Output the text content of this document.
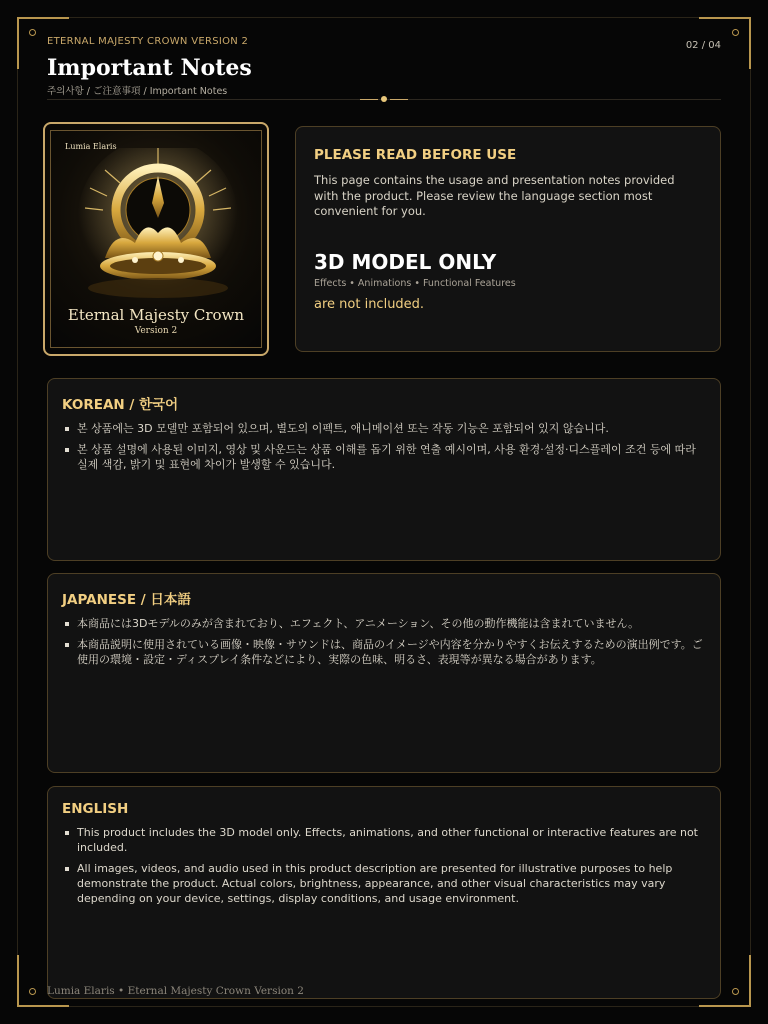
ETERNAL MAJESTY CROWN VERSION 2	02 / 04
Important Notes
주의사항 / ご注意事項 / Important Notes
Lumia Elaris
Eternal Majesty Crown
Version 2
PLEASE READ BEFORE USE
This page contains the usage and presentation notes provided with the product. Please review the language section most convenient for you.
3D MODEL ONLY
Effects • Animations • Functional Features
are not included.
KOREAN / 한국어
본 상품에는 3D 모델만 포함되어 있으며, 별도의 이펙트, 애니메이션 또는 작동 기능은 포함되어 있지 않습니다.
본 상품 설명에 사용된 이미지, 영상 및 사운드는 상품 이해를 돕기 위한 연출 예시이며, 사용 환경·설정·디스플레이 조건 등에 따라 실제 색감, 밝기 및 표현에 차이가 발생할 수 있습니다.
JAPANESE / 日本語
本商品には3Dモデルのみが含まれており、エフェクト、アニメーション、その他の動作機能は含まれていません。
本商品説明に使用されている画像・映像・サウンドは、商品のイメージや内容を分かりやすくお伝えするための演出例です。ご使用の環境・設定・ディスプレイ条件などにより、実際の色味、明るさ、表現等が異なる場合があります。
ENGLISH
This product includes the 3D model only. Effects, animations, and other functional or interactive features are not included.
All images, videos, and audio used in this product description are presented for illustrative purposes to help demonstrate the product. Actual colors, brightness, appearance, and other visual characteristics may vary depending on your device, settings, display conditions, and usage environment.
Lumia Elaris • Eternal Majesty Crown Version 2
